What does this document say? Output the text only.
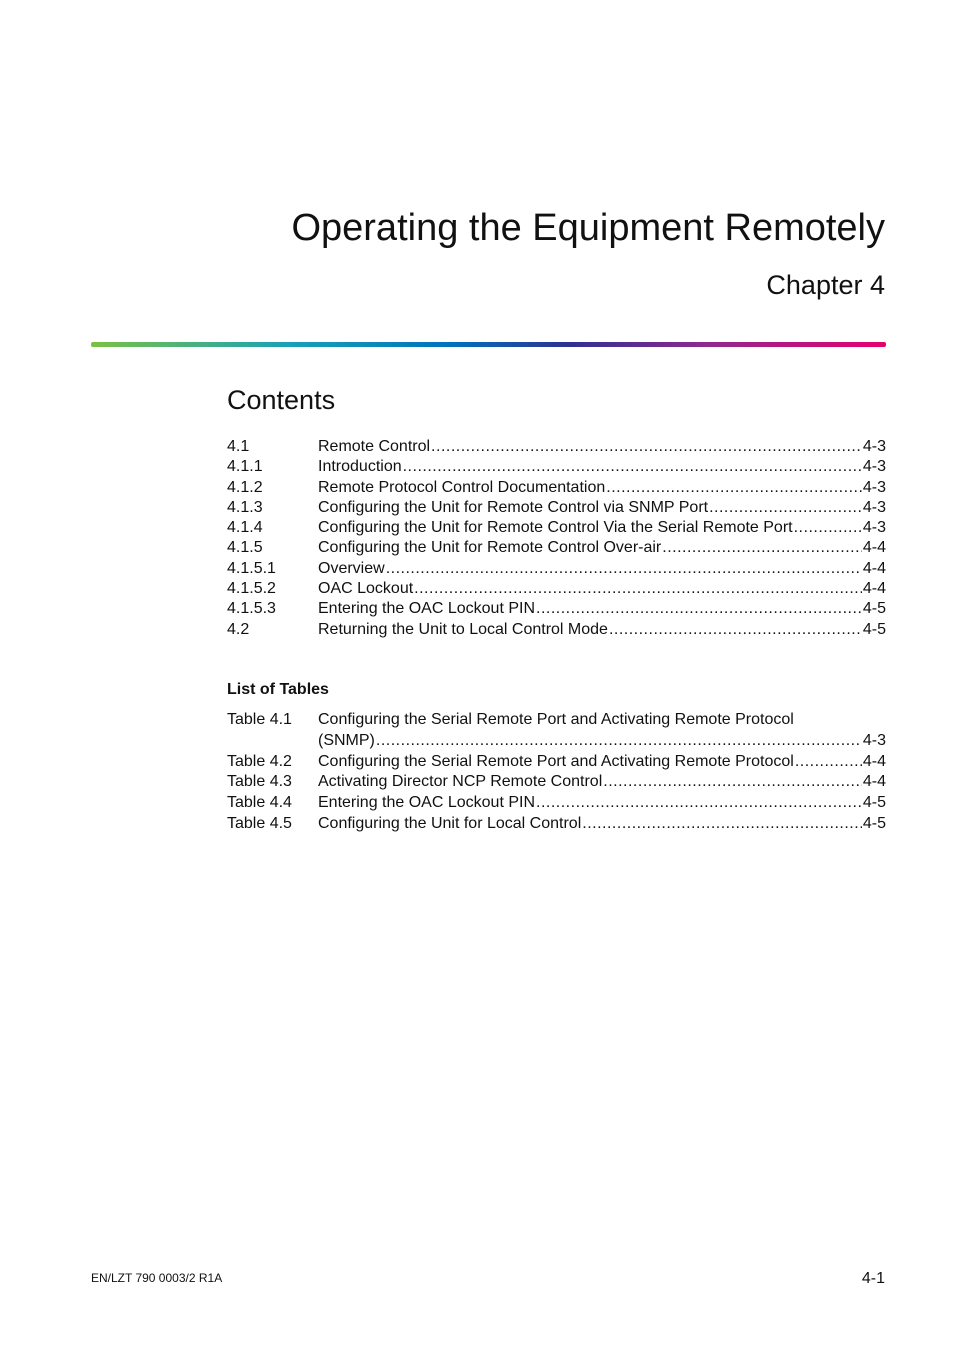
Operating the Equipment Remotely
Chapter 4
Contents
4.1	Remote Control .....	4-3
4.1.1	Introduction .....	4-3
4.1.2	Remote Protocol Control Documentation .....	4-3
4.1.3	Configuring the Unit for Remote Control via SNMP Port .....	4-3
4.1.4	Configuring the Unit for Remote Control Via the Serial Remote Port .....	4-3
4.1.5	Configuring the Unit for Remote Control Over-air .....	4-4
4.1.5.1	Overview .....	4-4
4.1.5.2	OAC Lockout .....	4-4
4.1.5.3	Entering the OAC Lockout PIN .....	4-5
4.2	Returning the Unit to Local Control Mode .....	4-5
List of Tables
Table 4.1	Configuring the Serial Remote Port and Activating Remote Protocol
(SNMP) .....	4-3
Table 4.2	Configuring the Serial Remote Port and Activating Remote Protocol .....	4-4
Table 4.3	Activating Director NCP Remote Control .....	4-4
Table 4.4	Entering the OAC Lockout PIN .....	4-5
Table 4.5	Configuring the Unit for Local Control .....	4-5
EN/LZT 790 0003/2 R1A	4-1
